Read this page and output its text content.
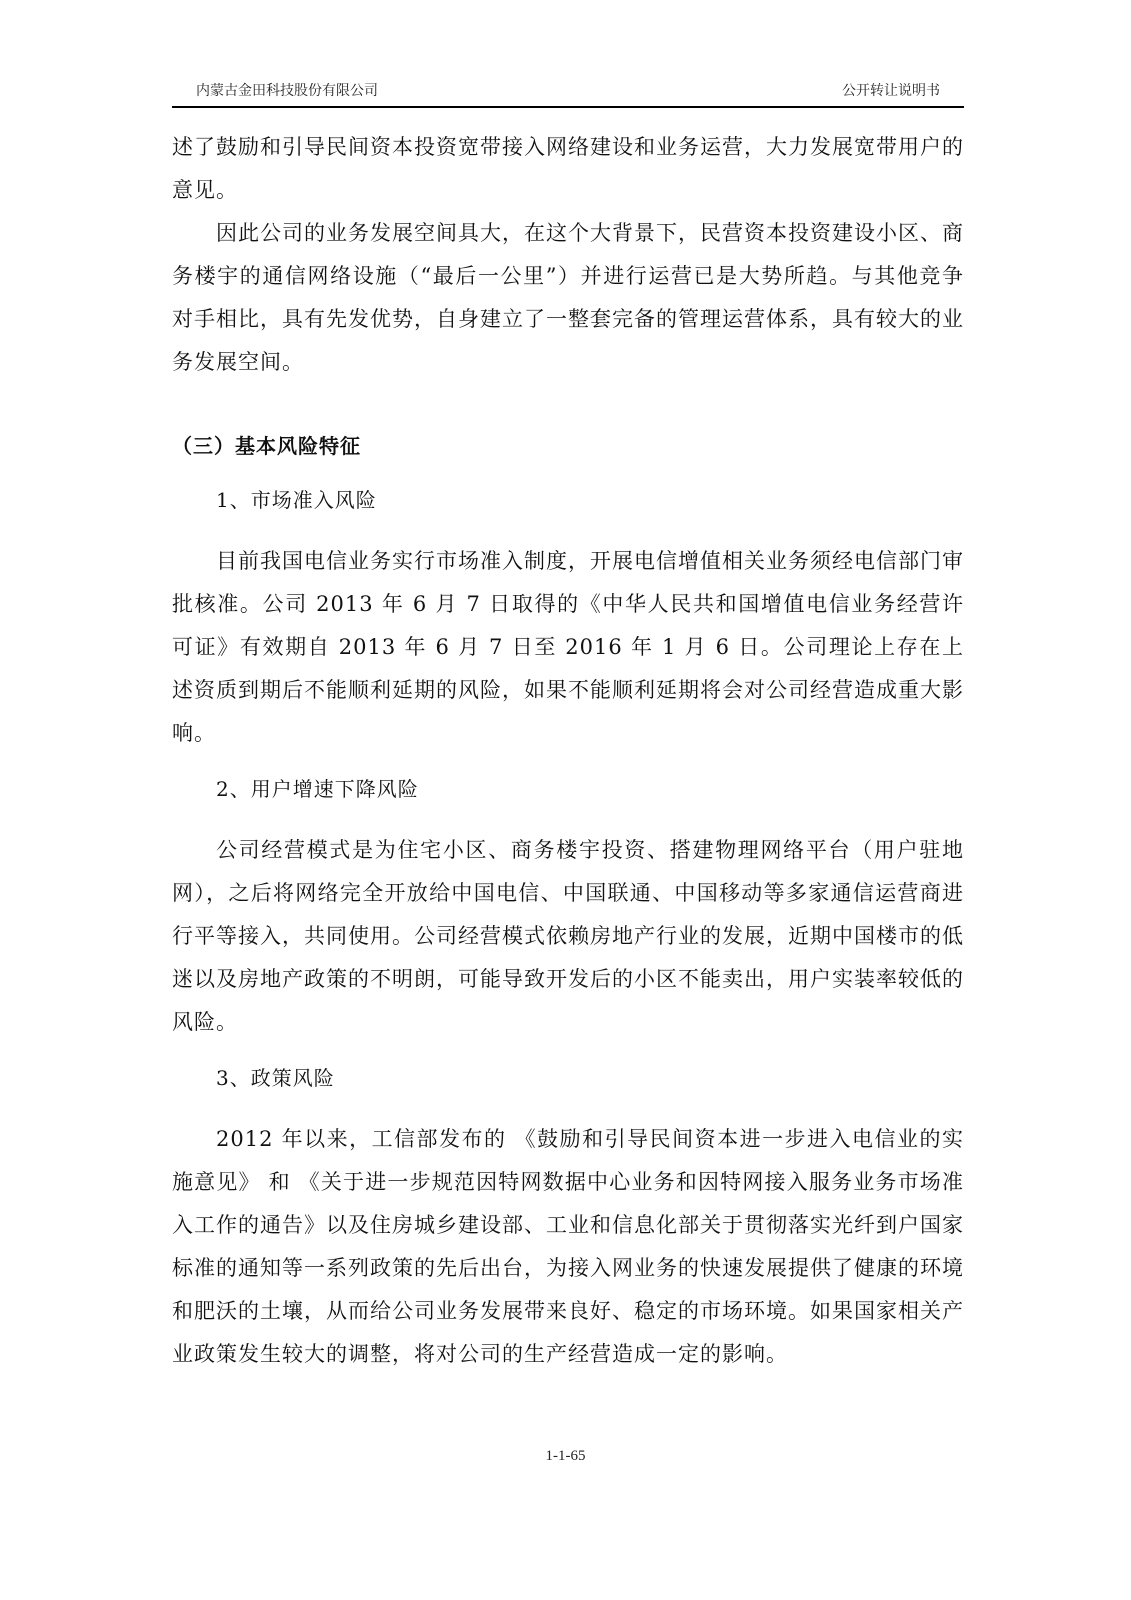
内蒙古金田科技股份有限公司	公开转让说明书

述了鼓励和引导民间资本投资宽带接入网络建设和业务运营，大力发展宽带用户的意见。

因此公司的业务发展空间具大，在这个大背景下，民营资本投资建设小区、商务楼宇的通信网络设施（“最后一公里”）并进行运营已是大势所趋。与其他竞争对手相比，具有先发优势，自身建立了一整套完备的管理运营体系，具有较大的业务发展空间。

（三）基本风险特征

1、市场准入风险

目前我国电信业务实行市场准入制度，开展电信增值相关业务须经电信部门审批核准。公司 2013 年 6 月 7 日取得的《中华人民共和国增值电信业务经营许可证》有效期自 2013 年 6 月 7 日至 2016 年 1 月 6 日。公司理论上存在上述资质到期后不能顺利延期的风险，如果不能顺利延期将会对公司经营造成重大影响。

2、用户增速下降风险

公司经营模式是为住宅小区、商务楼宇投资、搭建物理网络平台（用户驻地网），之后将网络完全开放给中国电信、中国联通、中国移动等多家通信运营商进行平等接入，共同使用。公司经营模式依赖房地产行业的发展，近期中国楼市的低迷以及房地产政策的不明朗，可能导致开发后的小区不能卖出，用户实装率较低的风险。

3、政策风险

2012 年以来，工信部发布的 《鼓励和引导民间资本进一步进入电信业的实施意见》 和 《关于进一步规范因特网数据中心业务和因特网接入服务业务市场准入工作的通告》以及住房城乡建设部、工业和信息化部关于贯彻落实光纤到户国家标准的通知等一系列政策的先后出台，为接入网业务的快速发展提供了健康的环境和肥沃的土壤，从而给公司业务发展带来良好、稳定的市场环境。如果国家相关产业政策发生较大的调整，将对公司的生产经营造成一定的影响。

1-1-65
